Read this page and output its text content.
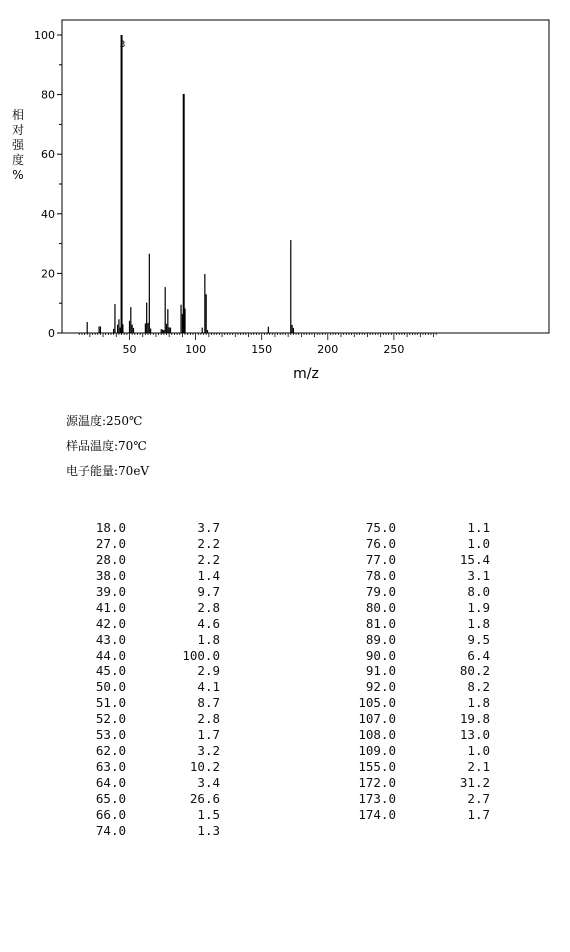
0
20
40
60
80
100
50	100	150	200	250
3
m/z
相
对
强
度
%
源温度:250℃
样品温度:70℃
电子能量:70eV
18.0	3.7
27.0	2.2
28.0	2.2
38.0	1.4
39.0	9.7
41.0	2.8
42.0	4.6
43.0	1.8
44.0	100.0
45.0	2.9
50.0	4.1
51.0	8.7
52.0	2.8
53.0	1.7
62.0	3.2
63.0	10.2
64.0	3.4
65.0	26.6
66.0	1.5
74.0	1.3
75.0	1.1
76.0	1.0
77.0	15.4
78.0	3.1
79.0	8.0
80.0	1.9
81.0	1.8
89.0	9.5
90.0	6.4
91.0	80.2
92.0	8.2
105.0	1.8
107.0	19.8
108.0	13.0
109.0	1.0
155.0	2.1
172.0	31.2
173.0	2.7
174.0	1.7
